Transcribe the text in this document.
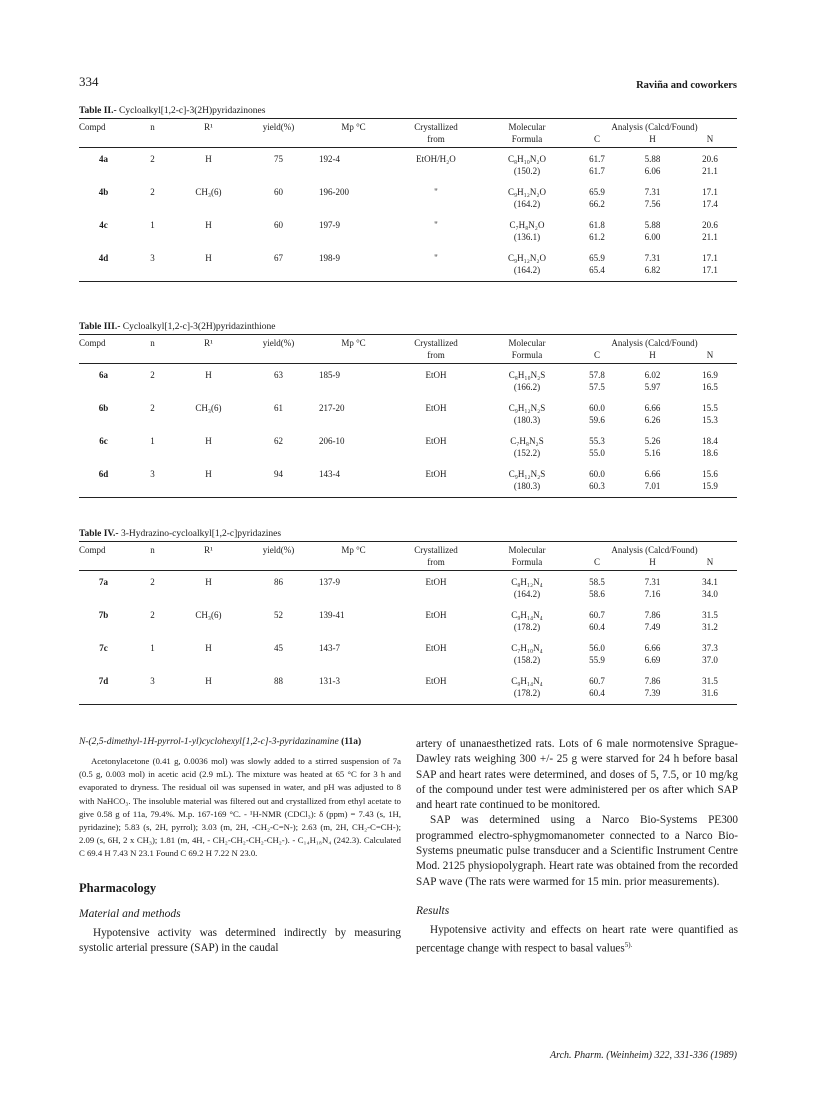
334	Raviña and coworkers
Table II.- Cycloalkyl[1,2-c]-3(2H)pyridazinones
Compd	n	R¹	yield(%)	Mp °C	Crystallized	Molecular	Analysis (Calcd/Found)		
					from	Formula	C	H	N

4a	2	H	75	192-4	EtOH/H₂O	C₈H₁₀N₂O	61.7	5.88	20.6
						(150.2)	61.7	6.06	21.1

4b	2	CH₃(6)	60	196-200	"	C₉H₁₂N₂O	65.9	7.31	17.1
						(164.2)	66.2	7.56	17.4

4c	1	H	60	197-9	"	C₇H₈N₂O	61.8	5.88	20.6
						(136.1)	61.2	6.00	21.1

4d	3	H	67	198-9	"	C₉H₁₂N₂O	65.9	7.31	17.1
						(164.2)	65.4	6.82	17.1

Table III.- Cycloalkyl[1,2-c]-3(2H)pyridazinthione
Compd	n	R¹	yield(%)	Mp °C	Crystallized	Molecular	Analysis (Calcd/Found)		
					from	Formula	C	H	N

6a	2	H	63	185-9	EtOH	C₈H₁₀N₂S	57.8	6.02	16.9
						(166.2)	57.5	5.97	16.5

6b	2	CH₃(6)	61	217-20	EtOH	C₉H₁₂N₂S	60.0	6.66	15.5
						(180.3)	59.6	6.26	15.3

6c	1	H	62	206-10	EtOH	C₇H₈N₂S	55.3	5.26	18.4
						(152.2)	55.0	5.16	18.6

6d	3	H	94	143-4	EtOH	C₉H₁₂N₂S	60.0	6.66	15.6
						(180.3)	60.3	7.01	15.9

Table IV.- 3-Hydrazino-cycloalkyl[1,2-c]pyridazines
Compd	n	R¹	yield(%)	Mp °C	Crystallized	Molecular	Analysis (Calcd/Found)		
					from	Formula	C	H	N

7a	2	H	86	137-9	EtOH	C₈H₁₂N₄	58.5	7.31	34.1
						(164.2)	58.6	7.16	34.0

7b	2	CH₃(6)	52	139-41	EtOH	C₉H₁₄N₄	60.7	7.86	31.5
						(178.2)	60.4	7.49	31.2

7c	1	H	45	143-7	EtOH	C₇H₁₀N₄	56.0	6.66	37.3
						(158.2)	55.9	6.69	37.0

7d	3	H	88	131-3	EtOH	C₉H₁₄N₄	60.7	7.86	31.5
						(178.2)	60.4	7.39	31.6

N-(2,5-dimethyl-1H-pyrrol-1-yl)cyclohexyl[1,2-c]-3-pyridazinamine (11a)

Acetonylacetone (0.41 g, 0.0036 mol) was slowly added to a stirred suspension of 7a (0.5 g, 0.003 mol) in acetic acid (2.9 mL). The mixture was heated at 65 °C for 3 h and evaporated to dryness. The residual oil was supensed in water, and pH was adjusted to 8 with NaHCO₃. The insoluble material was filtered out and crystallized from ethyl acetate to give 0.58 g of 11a, 79.4%. M.p. 167-169 °C. - ¹H-NMR (CDCl₃): δ (ppm) = 7.43 (s, 1H, pyridazine); 5.83 (s, 2H, pyrrol); 3.03 (m, 2H, -CH₂-C=N-); 2.63 (m, 2H, CH₂-C=CH-); 2.09 (s, 6H, 2 x CH₃); 1.81 (m, 4H, - CH₂-CH₂-CH₂-CH₂-). - C₁₄H₁₈N₄ (242.3). Calculated C 69.4 H 7.43 N 23.1 Found C 69.2 H 7.22 N 23.0.

Pharmacology

Material and methods

Hypotensive activity was determined indirectly by measuring systolic arterial pressure (SAP) in the caudal

artery of unanaesthetized rats. Lots of 6 male normotensive Sprague-Dawley rats weighing 300 +/- 25 g were starved for 24 h before basal SAP and heart rates were determined, and doses of 5, 7.5, or 10 mg/kg of the compound under test were administered per os after which SAP and heart rate continued to be monitored.

SAP was determined using a Narco Bio-Systems PE300 programmed electro-sphygmomanometer connected to a Narco Bio-Systems pneumatic pulse transducer and a Scientific Instrument Centre Mod. 2125 physiopolygraph. Heart rate was obtained from the recorded SAP wave (The rats were warmed for 15 min. prior measurements).

Results

Hypotensive activity and effects on heart rate were quantified as percentage change with respect to basal values$^{5).}$

Arch. Pharm. (Weinheim) 322, 331-336 (1989)
